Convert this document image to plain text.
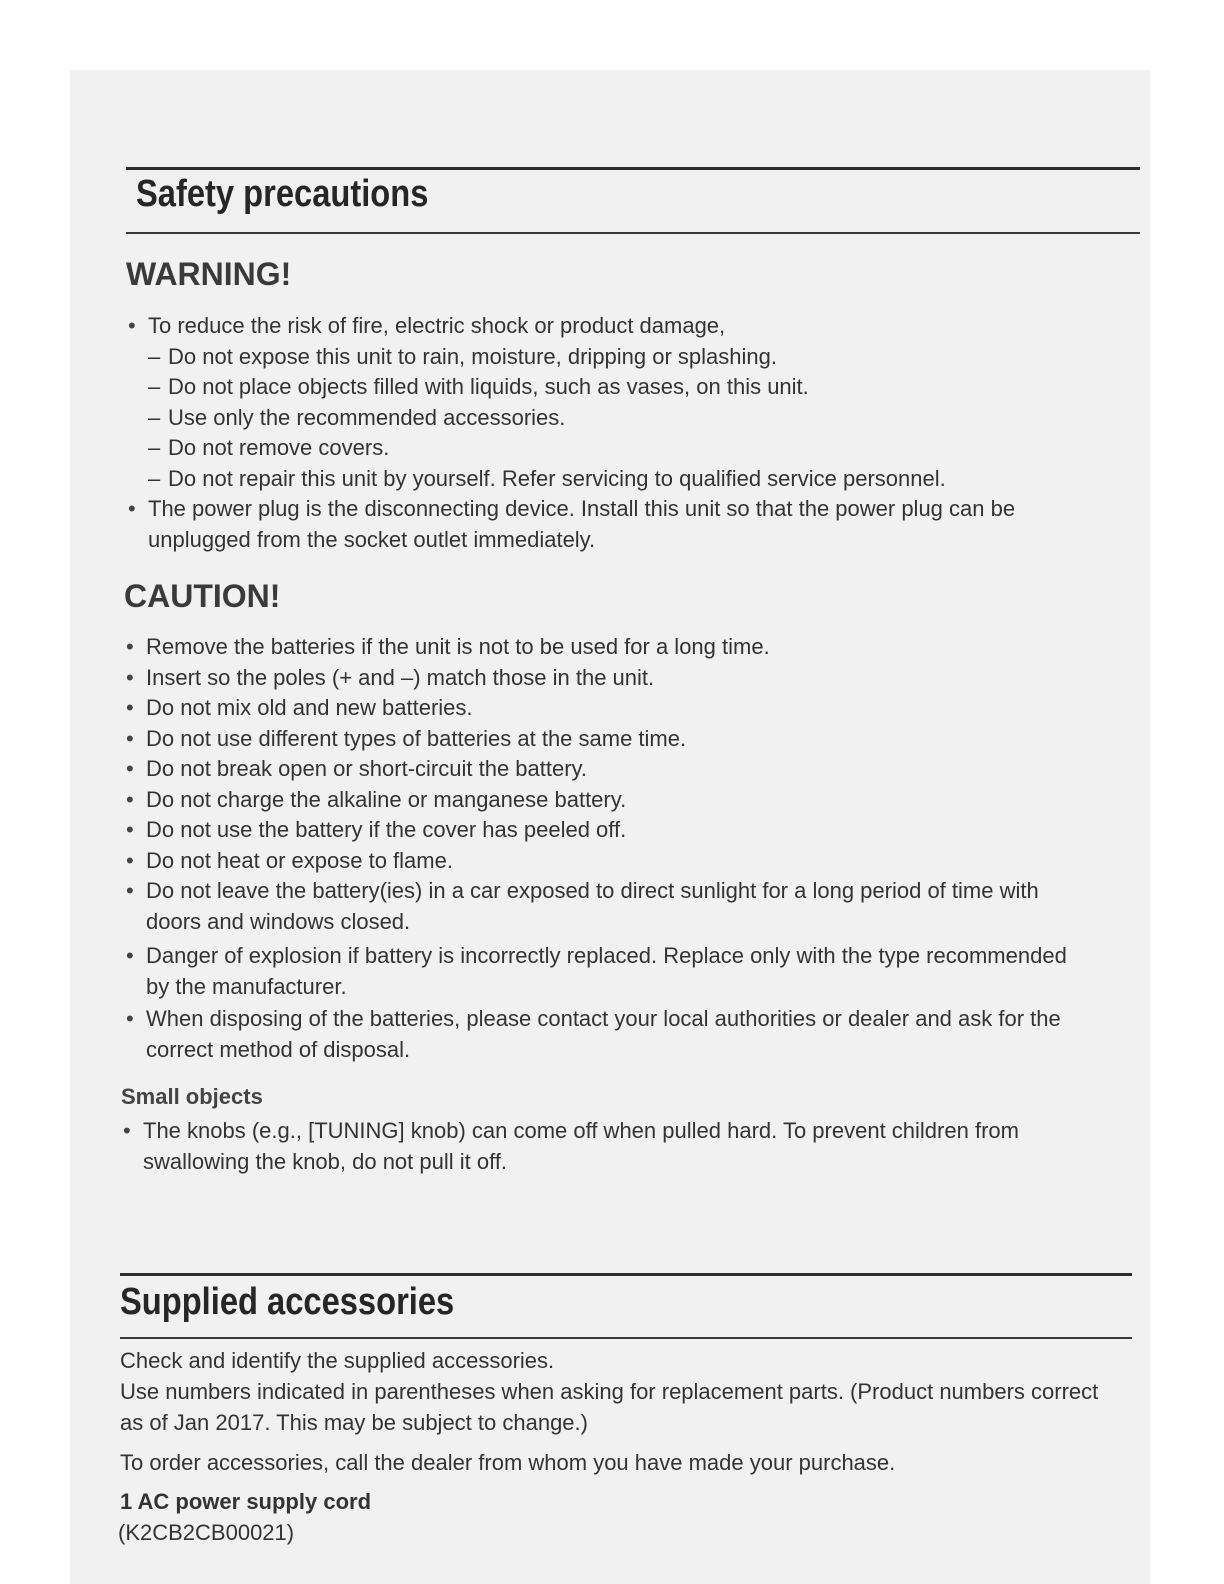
Safety precautions
WARNING!
• To reduce the risk of fire, electric shock or product damage,
– Do not expose this unit to rain, moisture, dripping or splashing.
– Do not place objects filled with liquids, such as vases, on this unit.
– Use only the recommended accessories.
– Do not remove covers.
– Do not repair this unit by yourself. Refer servicing to qualified service personnel.
• The power plug is the disconnecting device. Install this unit so that the power plug can be unplugged from the socket outlet immediately.
CAUTION!
• Remove the batteries if the unit is not to be used for a long time.
• Insert so the poles (+ and –) match those in the unit.
• Do not mix old and new batteries.
• Do not use different types of batteries at the same time.
• Do not break open or short-circuit the battery.
• Do not charge the alkaline or manganese battery.
• Do not use the battery if the cover has peeled off.
• Do not heat or expose to flame.
• Do not leave the battery(ies) in a car exposed to direct sunlight for a long period of time with doors and windows closed.
• Danger of explosion if battery is incorrectly replaced. Replace only with the type recommended by the manufacturer.
• When disposing of the batteries, please contact your local authorities or dealer and ask for the correct method of disposal.
Small objects
• The knobs (e.g., [TUNING] knob) can come off when pulled hard. To prevent children from swallowing the knob, do not pull it off.
Supplied accessories

Check and identify the supplied accessories.

Use numbers indicated in parentheses when asking for replacement parts. (Product numbers correct as of Jan 2017. This may be subject to change.)

To order accessories, call the dealer from whom you have made your purchase.

1 AC power supply cord

(K2CB2CB00021)
